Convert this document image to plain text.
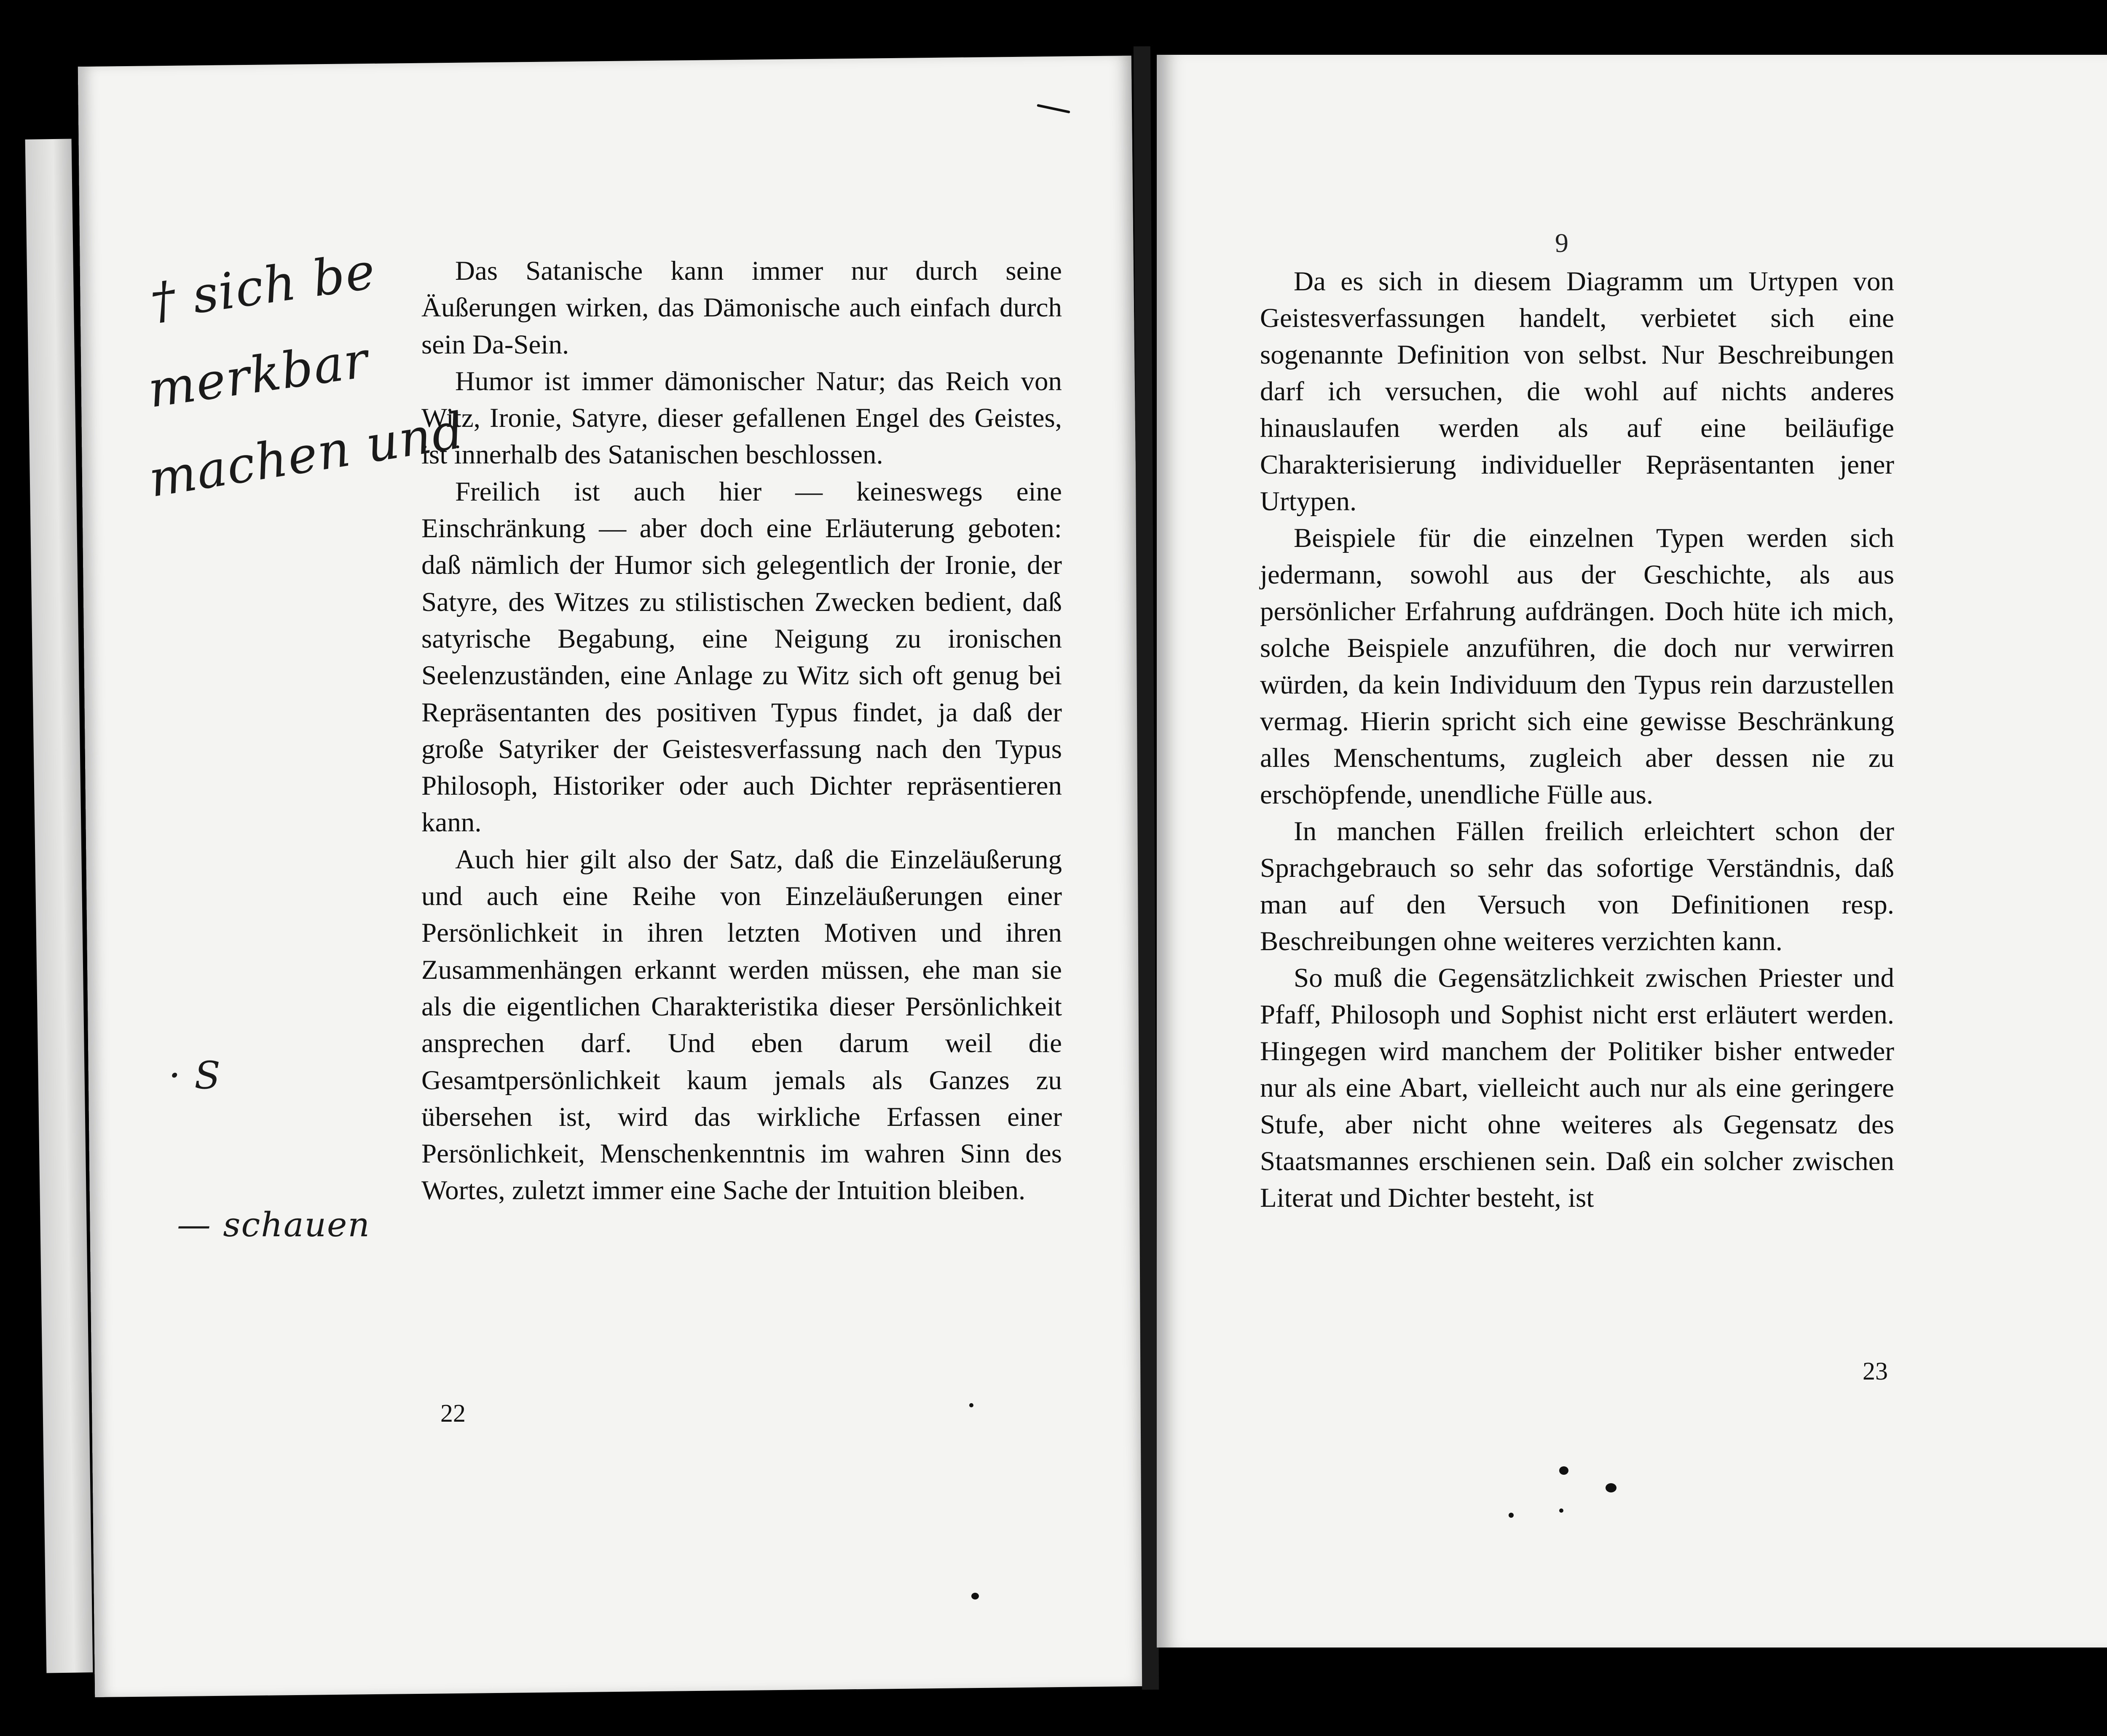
Das Satanische kann immer nur durch seine Äußerungen wirken, das Dämonische auch einfach durch sein Da-Sein.

Humor ist immer dämonischer Natur; das Reich von Witz, Ironie, Satyre, dieser gefallenen Engel des Geistes, ist innerhalb des Satanischen beschlossen.

Freilich ist auch hier — keineswegs eine Einschränkung — aber doch eine Erläuterung geboten: daß nämlich der Humor sich gelegentlich der Ironie, der Satyre, des Witzes zu stilistischen Zwecken bedient, daß satyrische Begabung, eine Neigung zu ironischen Seelenzuständen, eine Anlage zu Witz sich oft genug bei Repräsentanten des positiven Typus findet, ja daß der große Satyriker der Geistesverfassung nach den Typus Philosoph, Historiker oder auch Dichter repräsentieren kann.

Auch hier gilt also der Satz, daß die Einzeläußerung und auch eine Reihe von Einzeläußerungen einer Persönlichkeit in ihren letzten Motiven und ihren Zusammenhängen erkannt werden müssen, ehe man sie als die eigentlichen Charakteristika dieser Persönlichkeit ansprechen darf. Und eben darum weil die Gesamtpersönlichkeit kaum jemals als Ganzes zu übersehen ist, wird das wirkliche Erfassen einer Persönlichkeit, Menschenkenntnis im wahren Sinn des Wortes, zuletzt immer eine Sache der Intuition bleiben.

22
† sich be
merkbar
machen und
· S
— schauen
9

Da es sich in diesem Diagramm um Urtypen von Geistesverfassungen handelt, verbietet sich eine sogenannte Definition von selbst. Nur Beschreibungen darf ich versuchen, die wohl auf nichts anderes hinauslaufen werden als auf eine beiläufige Charakterisierung individueller Repräsentanten jener Urtypen.

Beispiele für die einzelnen Typen werden sich jedermann, sowohl aus der Geschichte, als aus persönlicher Erfahrung aufdrängen. Doch hüte ich mich, solche Beispiele anzuführen, die doch nur verwirren würden, da kein Individuum den Typus rein darzustellen vermag. Hierin spricht sich eine gewisse Beschränkung alles Menschentums, zugleich aber dessen nie zu erschöpfende, unendliche Fülle aus.

In manchen Fällen freilich erleichtert schon der Sprachgebrauch so sehr das sofortige Verständnis, daß man auf den Versuch von Definitionen resp. Beschreibungen ohne weiteres verzichten kann.

So muß die Gegensätzlichkeit zwischen Priester und Pfaff, Philosoph und Sophist nicht erst erläutert werden. Hingegen wird manchem der Politiker bisher entweder nur als eine Abart, vielleicht auch nur als eine geringere Stufe, aber nicht ohne weiteres als Gegensatz des Staatsmannes erschienen sein. Daß ein solcher zwischen Literat und Dichter besteht, ist

23
